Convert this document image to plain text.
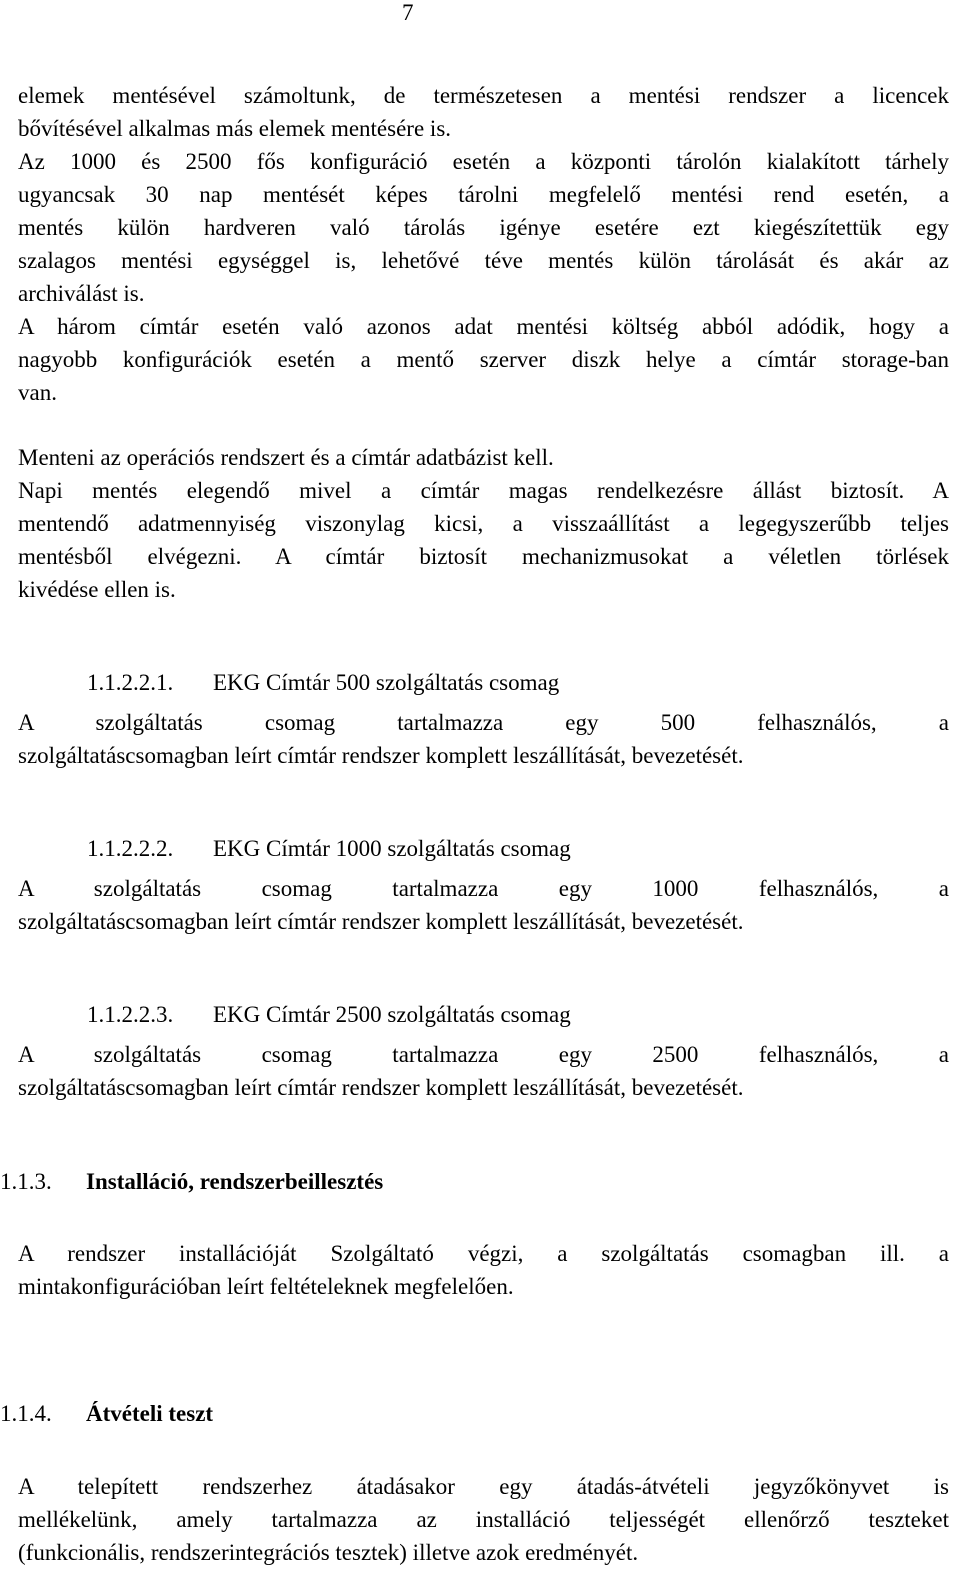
7
elemek mentésével számoltunk, de természetesen a mentési rendszer a licencek
bővítésével alkalmas más elemek mentésére is.
Az 1000 és 2500 fős konfiguráció esetén a központi tárolón kialakított tárhely
ugyancsak 30 nap mentését képes tárolni megfelelő mentési rend esetén, a
mentés külön hardveren való tárolás igénye esetére ezt kiegészítettük egy
szalagos mentési egységgel is, lehetővé téve mentés külön tárolását és akár az
archiválást is.
A három címtár esetén való azonos adat mentési költség abból adódik, hogy a
nagyobb konfigurációk esetén a mentő szerver diszk helye a címtár storage-ban
van.
Menteni az operációs rendszert és a címtár adatbázist kell.
Napi mentés elegendő mivel a címtár magas rendelkezésre állást biztosít. A
mentendő adatmennyiség viszonylag kicsi, a visszaállítást a legegyszerűbb teljes
mentésből elvégezni. A címtár biztosít mechanizmusokat a véletlen törlések
kivédése ellen is.
1.1.2.2.1. EKG Címtár 500 szolgáltatás csomag
A szolgáltatás csomag tartalmazza egy 500 felhasználós, a
szolgáltatáscsomagban leírt címtár rendszer komplett leszállítását, bevezetését.
1.1.2.2.2. EKG Címtár 1000 szolgáltatás csomag
A szolgáltatás csomag tartalmazza egy 1000 felhasználós, a
szolgáltatáscsomagban leírt címtár rendszer komplett leszállítását, bevezetését.
1.1.2.2.3. EKG Címtár 2500 szolgáltatás csomag
A szolgáltatás csomag tartalmazza egy 2500 felhasználós, a
szolgáltatáscsomagban leírt címtár rendszer komplett leszállítását, bevezetését.
1.1.3. Installáció, rendszerbeillesztés
A rendszer installációját Szolgáltató végzi, a szolgáltatás csomagban ill. a
mintakonfigurációban leírt feltételeknek megfelelően.
1.1.4. Átvételi teszt
A telepített rendszerhez átadásakor egy átadás-átvételi jegyzőkönyvet is
mellékelünk, amely tartalmazza az installáció teljességét ellenőrző teszteket
(funkcionális, rendszerintegrációs tesztek) illetve azok eredményét.
